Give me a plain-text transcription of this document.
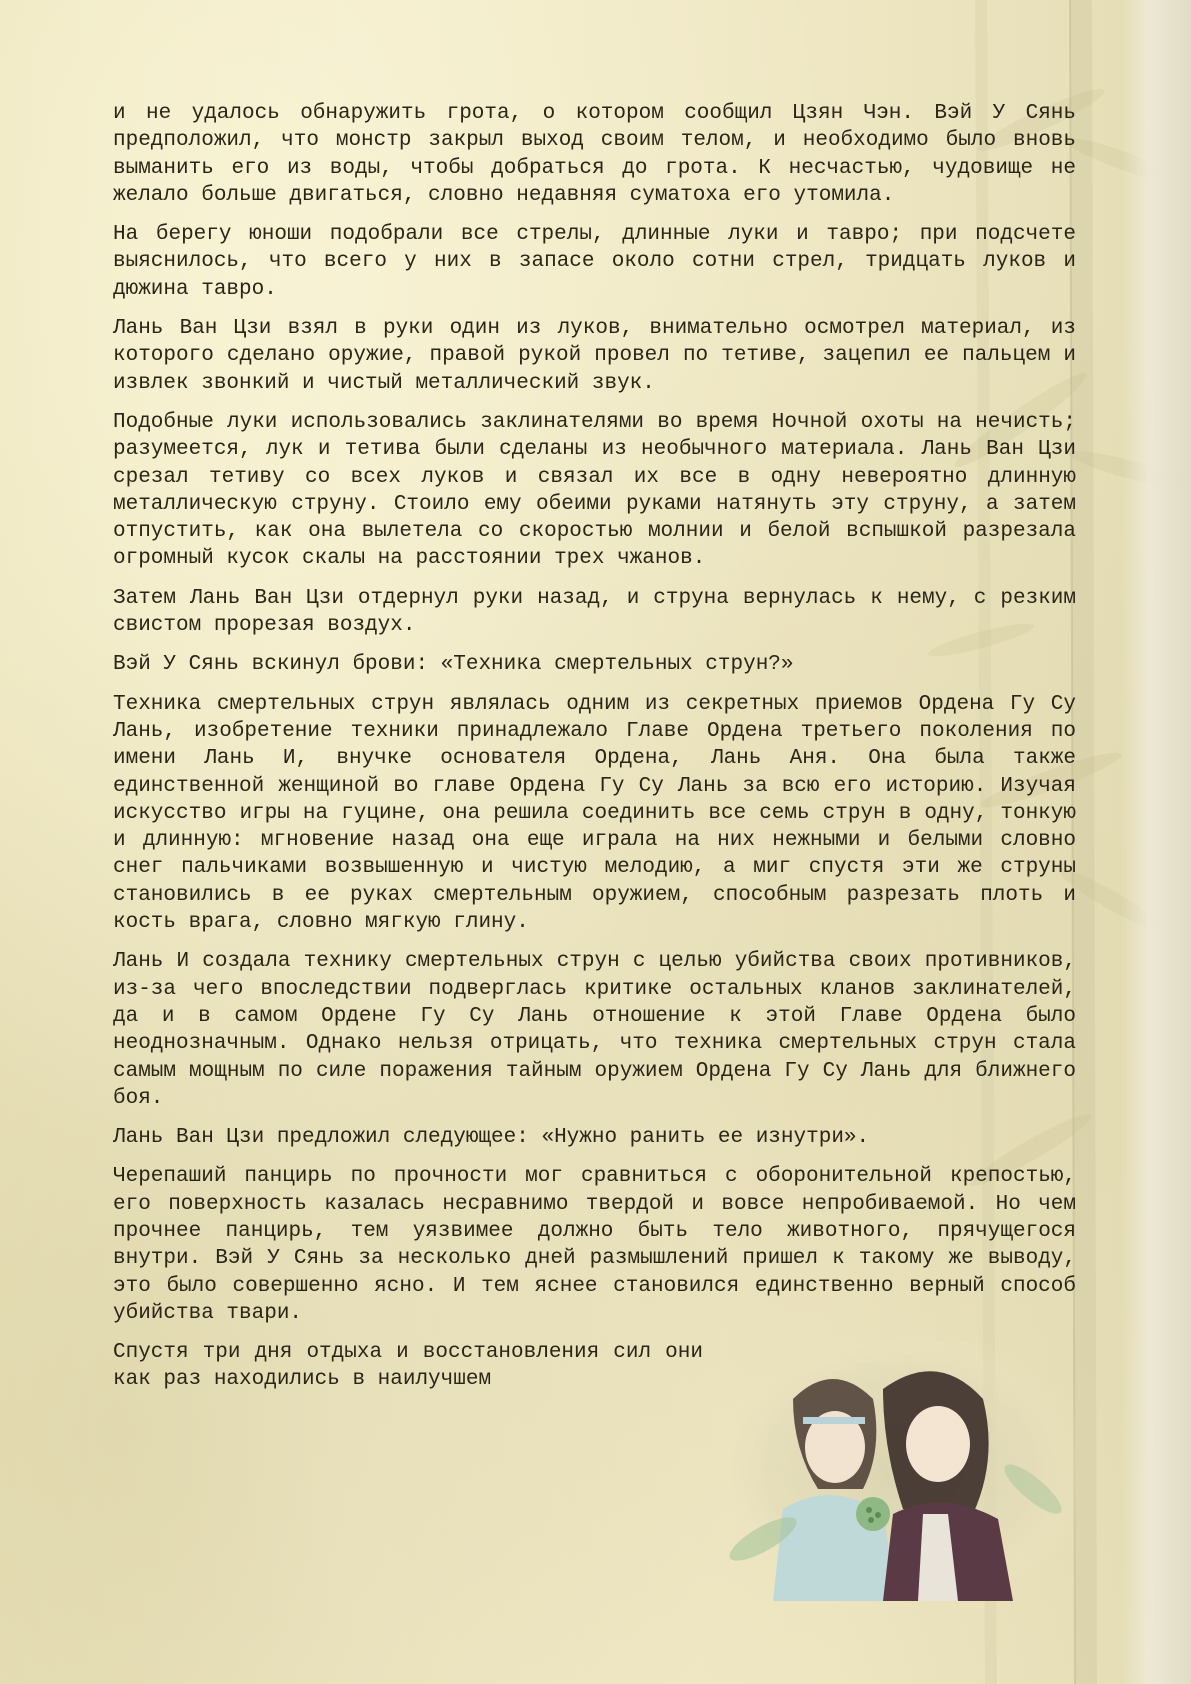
и не удалось обнаружить грота, о котором сообщил Цзян Чэн. Вэй У Сянь предположил, что монстр закрыл выход своим телом, и необходимо было вновь выманить его из воды, чтобы добраться до грота. К несчастью, чудовище не желало больше двигаться, словно недавняя суматоха его утомила.

На берегу юноши подобрали все стрелы, длинные луки и тавро; при подсчете выяснилось, что всего у них в запасе около сотни стрел, тридцать луков и дюжина тавро.

Лань Ван Цзи взял в руки один из луков, внимательно осмотрел материал, из которого сделано оружие, правой рукой провел по тетиве, зацепил ее пальцем и извлек звонкий и чистый металлический звук.

Подобные луки использовались заклинателями во время Ночной охоты на нечисть; разумеется, лук и тетива были сделаны из необычного материала. Лань Ван Цзи срезал тетиву со всех луков и связал их все в одну невероятно длинную металлическую струну. Стоило ему обеими руками натянуть эту струну, а затем отпустить, как она вылетела со скоростью молнии и белой вспышкой разрезала огромный кусок скалы на расстоянии трех чжанов.

Затем Лань Ван Цзи отдернул руки назад, и струна вернулась к нему, с резким свистом прорезая воздух.

Вэй У Сянь вскинул брови: «Техника смертельных струн?»

Техника смертельных струн являлась одним из секретных приемов Ордена Гу Су Лань, изобретение техники принадлежало Главе Ордена третьего поколения по имени Лань И, внучке основателя Ордена, Лань Аня. Она была также единственной женщиной во главе Ордена Гу Су Лань за всю его историю. Изучая искусство игры на гуцине, она решила соединить все семь струн в одну, тонкую и длинную: мгновение назад она еще играла на них нежными и белыми словно снег пальчиками возвышенную и чистую мелодию, а миг спустя эти же струны становились в ее руках смертельным оружием, способным разрезать плоть и кость врага, словно мягкую глину.

Лань И создала технику смертельных струн с целью убийства своих противников, из-за чего впоследствии подверглась критике остальных кланов заклинателей, да и в самом Ордене Гу Су Лань отношение к этой Главе Ордена было неоднозначным. Однако нельзя отрицать, что техника смертельных струн стала самым мощным по силе поражения тайным оружием Ордена Гу Су Лань для ближнего боя.

Лань Ван Цзи предложил следующее: «Нужно ранить ее изнутри».

Черепаший панцирь по прочности мог сравниться с оборонительной крепостью, его поверхность казалась несравнимо твердой и вовсе непробиваемой. Но чем прочнее панцирь, тем уязвимее должно быть тело животного, прячущегося внутри. Вэй У Сянь за несколько дней размышлений пришел к такому же выводу, это было совершенно ясно. И тем яснее становился единственно верный способ убийства твари.

Спустя три дня отдыха и восстановления сил они как раз находились в наилучшем
